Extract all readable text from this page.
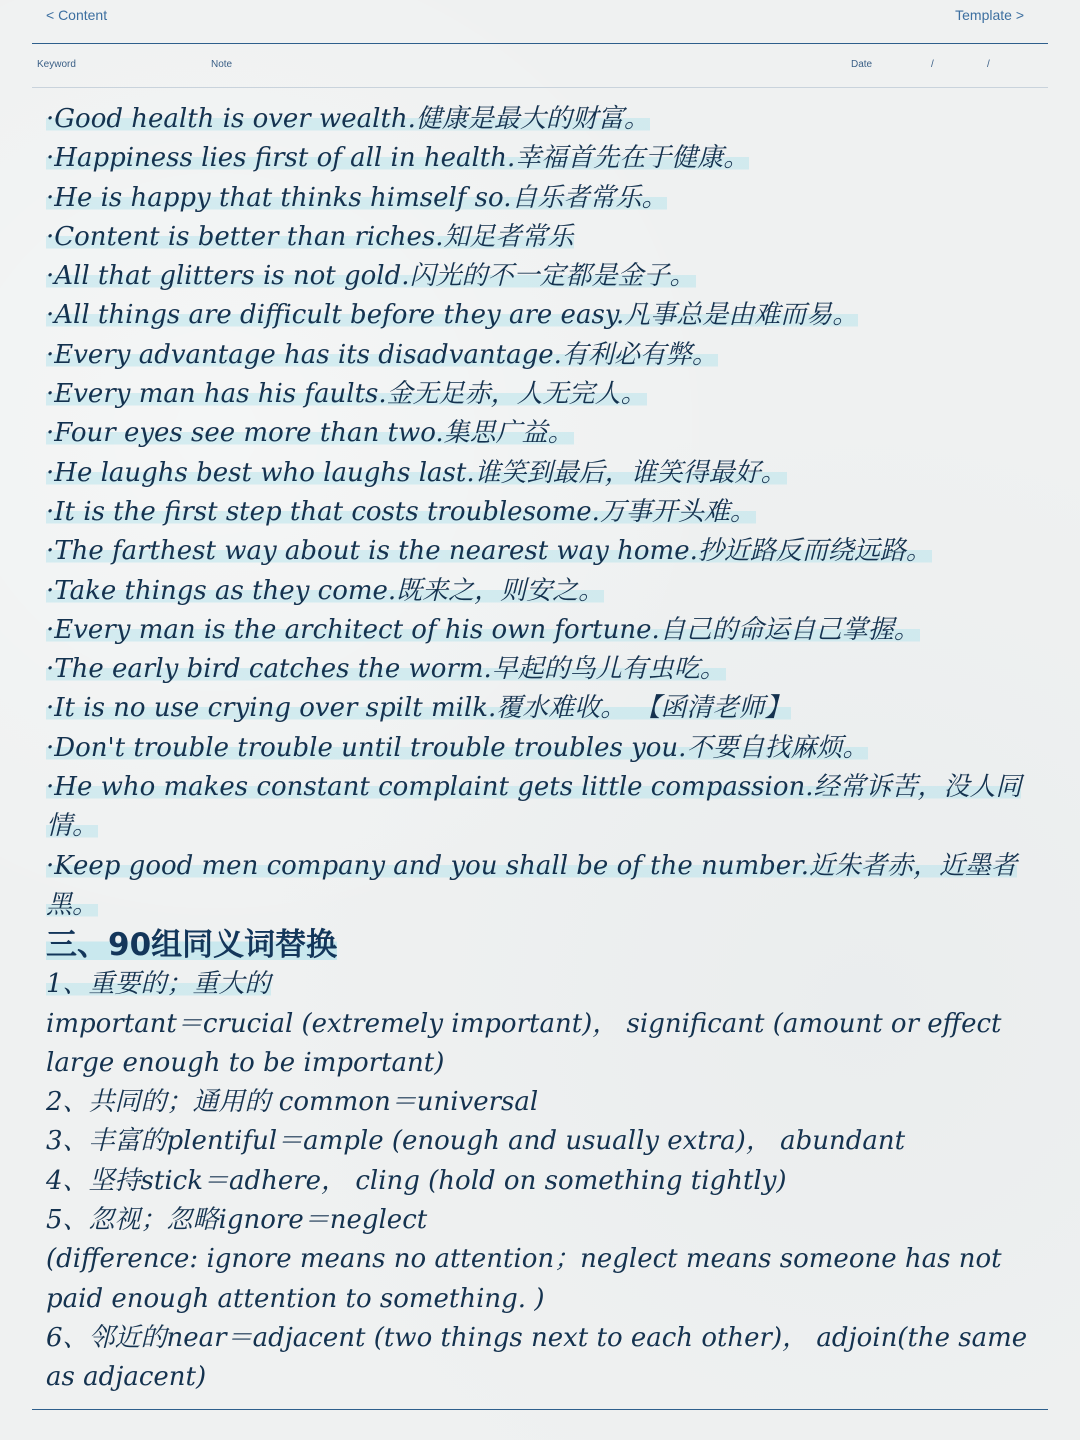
< Content	Template >
Keyword	Note	Date	/	/
·Good health is over wealth.健康是最大的财富。
·Happiness lies first of all in health.幸福首先在于健康。
·He is happy that thinks himself so.自乐者常乐。
·Content is better than riches.知足者常乐
·All that glitters is not gold.闪光的不一定都是金子。
·All things are difficult before they are easy.凡事总是由难而易。
·Every advantage has its disadvantage.有利必有弊。
·Every man has his faults.金无足赤，人无完人。
·Four eyes see more than two.集思广益。
·He laughs best who laughs last.谁笑到最后，谁笑得最好。
·It is the first step that costs troublesome.万事开头难。
·The farthest way about is the nearest way home.抄近路反而绕远路。
·Take things as they come.既来之，则安之。
·Every man is the architect of his own fortune.自己的命运自己掌握。
·The early bird catches the worm.早起的鸟儿有虫吃。
·It is no use crying over spilt milk.覆水难收。 【函清老师】
·Don't trouble trouble until trouble troubles you.不要自找麻烦。
·He who makes constant complaint gets little compassion.经常诉苦，没人同情。
·Keep good men company and you shall be of the number.近朱者赤，近墨者黑。
三、90组同义词替换
1、重要的；重大的
important＝crucial (extremely important)， significant (amount or effect large enough to be important)
2、共同的；通用的 common＝universal
3、丰富的plentiful＝ample (enough and usually extra)， abundant
4、坚持stick＝adhere， cling (hold on something tightly)
5、忽视；忽略ignore＝neglect
(difference: ignore means no attention；neglect means someone has not paid enough attention to something. )
6、邻近的near＝adjacent (two things next to each other)， adjoin(the same as adjacent)
